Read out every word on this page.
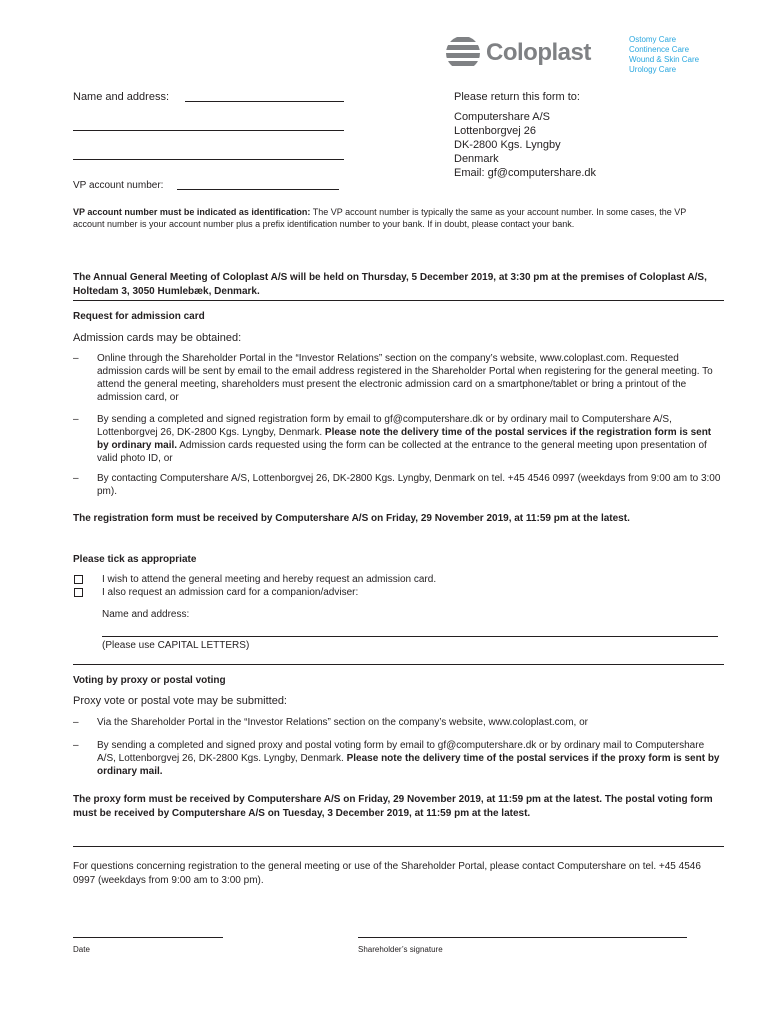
Coloplast	Ostomy Care
Continence Care
Wound & Skin Care
Urology Care
Name and address:
VP account number:
Please return this form to:
Computershare A/S
Lottenborgvej 26
DK-2800 Kgs. Lyngby
Denmark
Email: gf@computershare.dk
VP account number must be indicated as identification: The VP account number is typically the same as your account number. In some cases, the VP account number is your account number plus a prefix identification number to your bank. If in doubt, please contact your bank.
The Annual General Meeting of Coloplast A/S will be held on Thursday, 5 December 2019, at 3:30 pm at the premises of Coloplast A/S, Holtedam 3, 3050 Humlebæk, Denmark.
Request for admission card
Admission cards may be obtained:
– Online through the Shareholder Portal in the “Investor Relations” section on the company’s website, www.coloplast.com. Requested admission cards will be sent by email to the email address registered in the Shareholder Portal when registering for the general meeting. To attend the general meeting, shareholders must present the electronic admission card on a smartphone/tablet or bring a printout of the admission card, or
– By sending a completed and signed registration form by email to gf@computershare.dk or by ordinary mail to Computershare A/S, Lottenborgvej 26, DK-2800 Kgs. Lyngby, Denmark. Please note the delivery time of the postal services if the registration form is sent by ordinary mail. Admission cards requested using the form can be collected at the entrance to the general meeting upon presentation of valid photo ID, or
– By contacting Computershare A/S, Lottenborgvej 26, DK-2800 Kgs. Lyngby, Denmark on tel. +45 4546 0997 (weekdays from 9:00 am to 3:00 pm).
The registration form must be received by Computershare A/S on Friday, 29 November 2019, at 11:59 pm at the latest.
Please tick as appropriate
I wish to attend the general meeting and hereby request an admission card.
I also request an admission card for a companion/adviser:
Name and address:
(Please use CAPITAL LETTERS)
Voting by proxy or postal voting
Proxy vote or postal vote may be submitted:
– Via the Shareholder Portal in the “Investor Relations” section on the company’s website, www.coloplast.com, or
– By sending a completed and signed proxy and postal voting form by email to gf@computershare.dk or by ordinary mail to Computershare A/S, Lottenborgvej 26, DK-2800 Kgs. Lyngby, Denmark. Please note the delivery time of the postal services if the proxy form is sent by ordinary mail.
The proxy form must be received by Computershare A/S on Friday, 29 November 2019, at 11:59 pm at the latest. The postal voting form must be received by Computershare A/S on Tuesday, 3 December 2019, at 11:59 pm at the latest.
For questions concerning registration to the general meeting or use of the Shareholder Portal, please contact Computershare on tel. +45 4546 0997 (weekdays from 9:00 am to 3:00 pm).
Date	Shareholder’s signature
